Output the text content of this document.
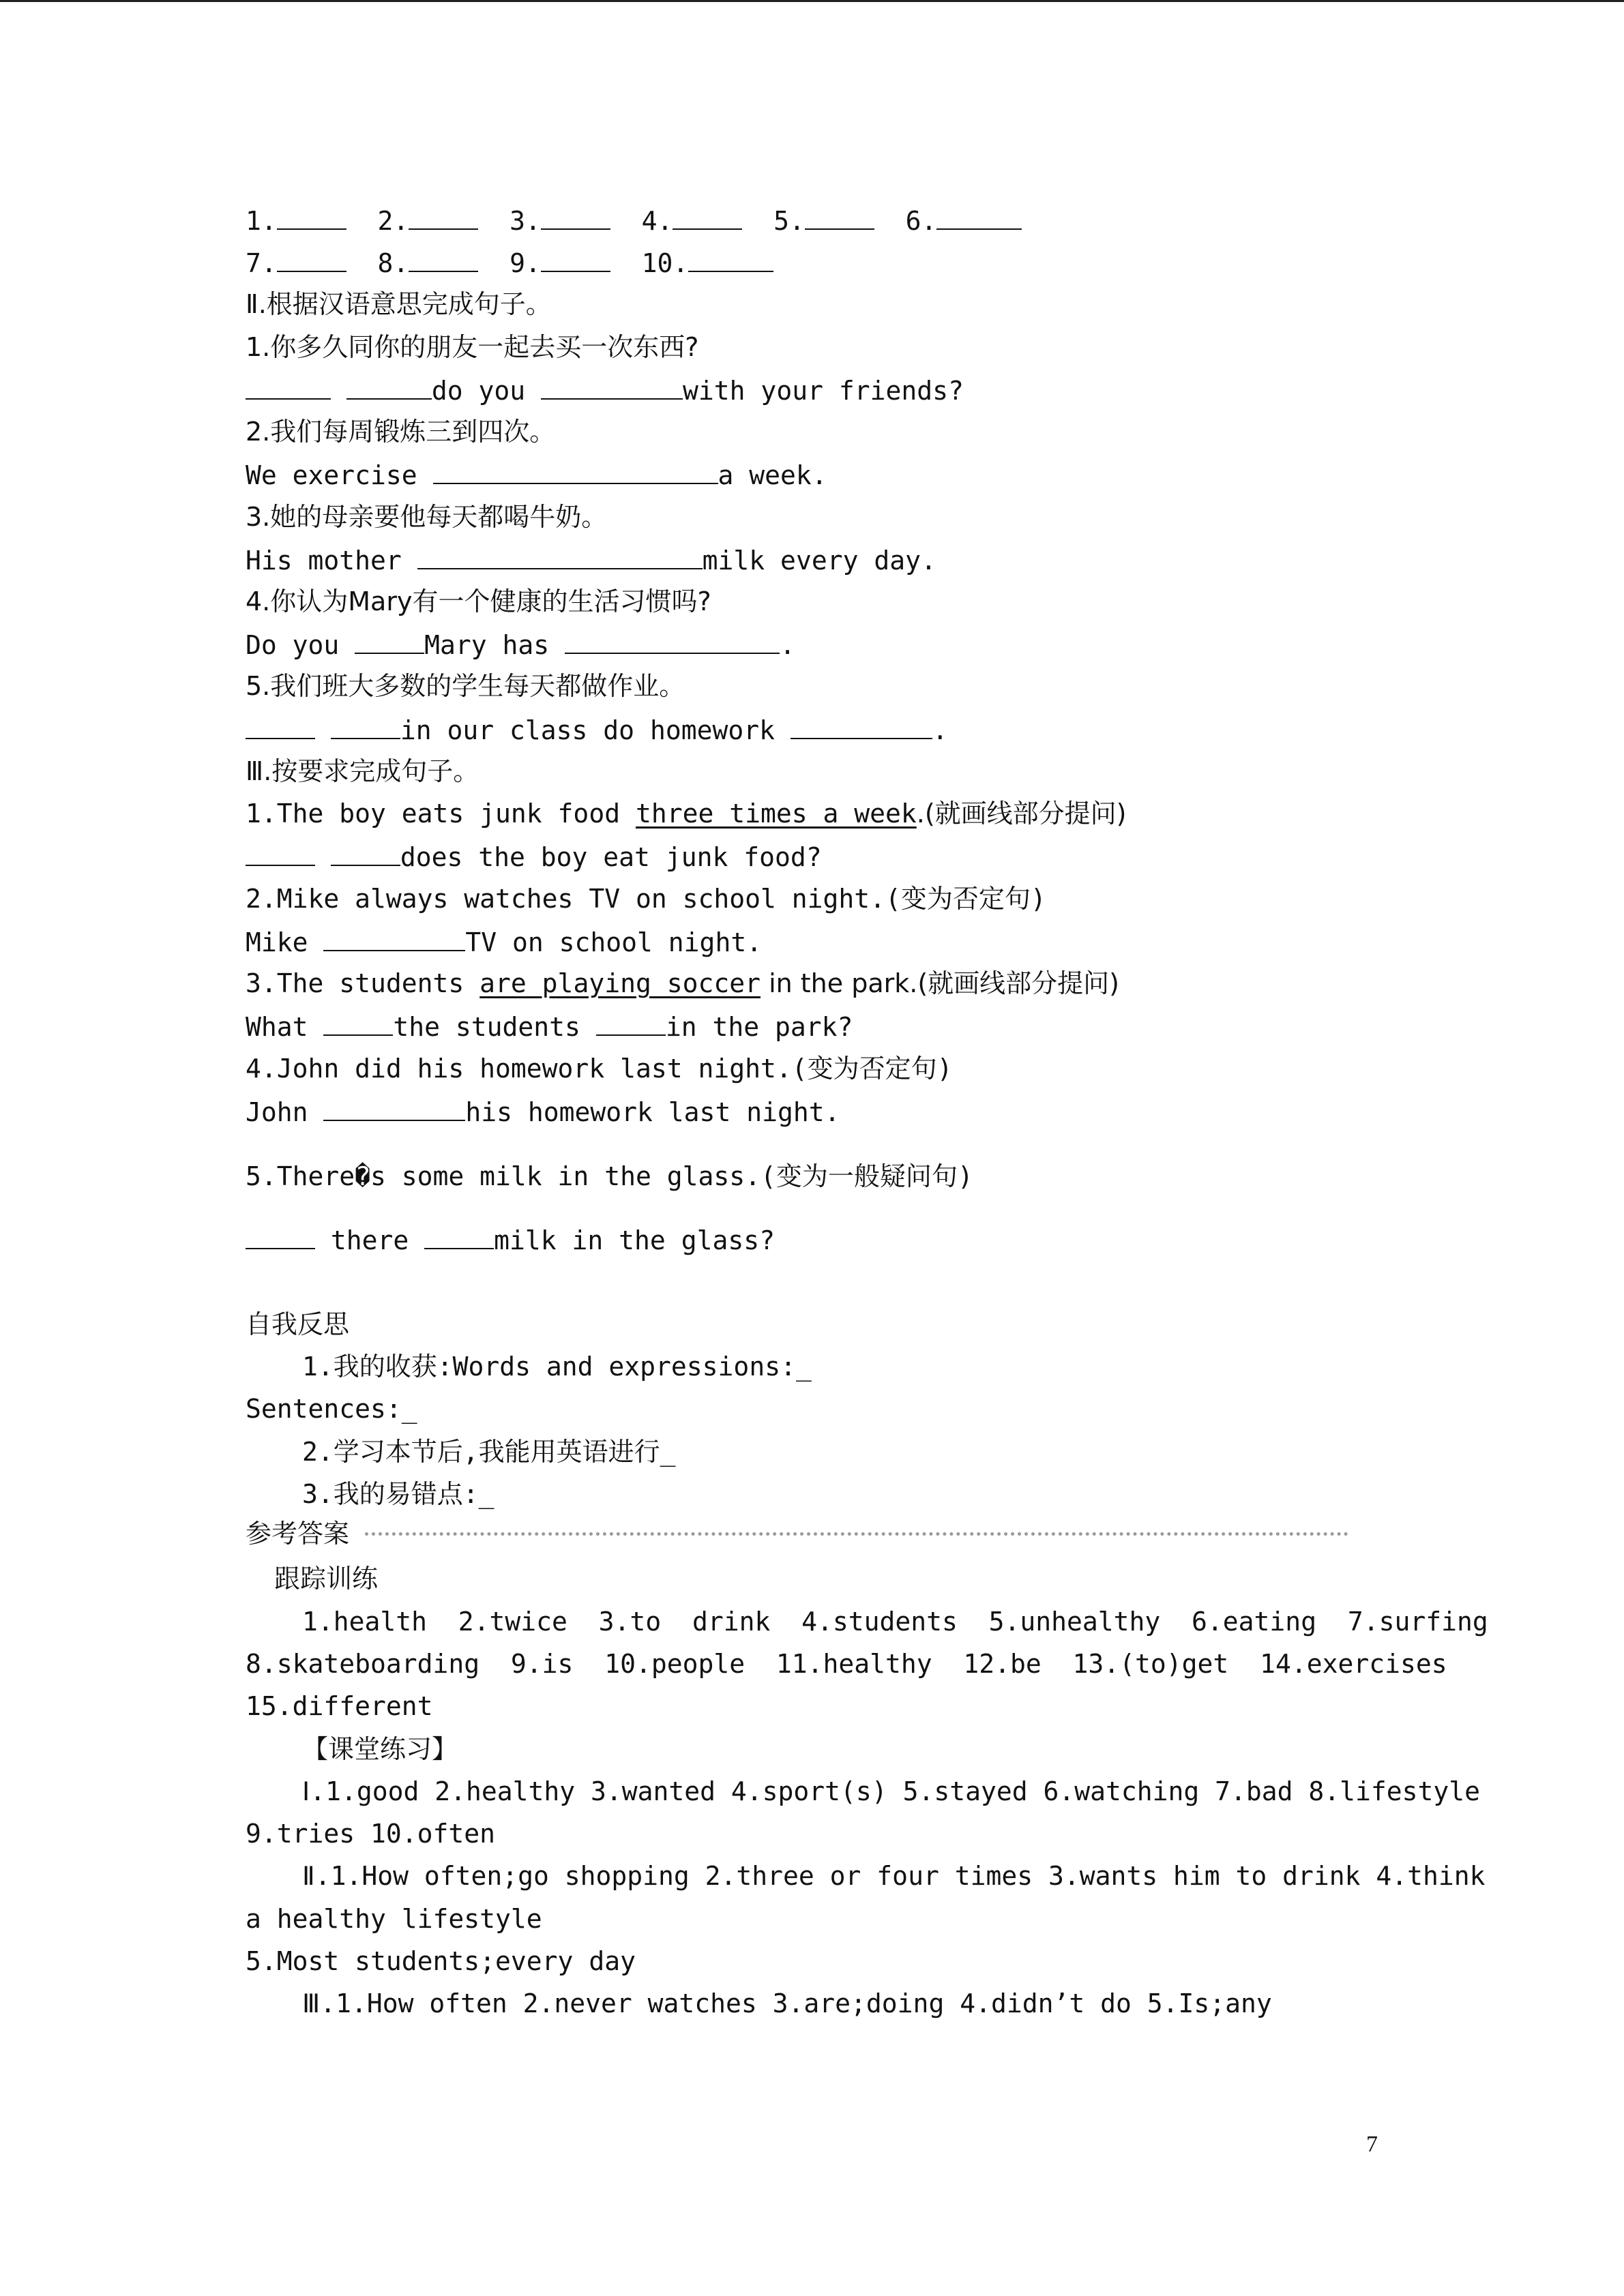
1.	2.	3.	4.	5.	6.
7.	8.	9.	10.
Ⅱ.根据汉语意思完成句子。
1.你多久同你的朋友一起去买一次东西?
do you	with your friends?
2.我们每周锻炼三到四次。
We exercise	a week.
3.她的母亲要他每天都喝牛奶。
His mother	milk every day.
4.你认为Mary有一个健康的生活习惯吗?
Do you	Mary has	.
5.我们班大多数的学生每天都做作业。
in our class do homework	.
Ⅲ.按要求完成句子。
1.The boy eats junk food three times a week.(就画线部分提问)
does the boy eat junk food?
2.Mike always watches TV on school night.(变为否定句)
Mike	TV on school night.
3.The students are playing soccer in the park.(就画线部分提问)
What	the students	in the park?
4.John did his homework last night.(变为否定句)
John	his homework last night.
5.There�s some milk in the glass.(变为一般疑问句)
there	milk in the glass?
自我反思
1.我的收获:Words and expressions:_
Sentences:_
2.学习本节后,我能用英语进行_
3.我的易错点:_
参考答案
跟踪训练
1.health  2.twice  3.to  drink  4.students  5.unhealthy  6.eating  7.surfing
8.skateboarding  9.is  10.people  11.healthy  12.be  13.(to)get  14.exercises
15.different
【课堂练习】
Ⅰ.1.good 2.healthy 3.wanted 4.sport(s) 5.stayed 6.watching 7.bad 8.lifestyle
9.tries 10.often
Ⅱ.1.How often;go shopping 2.three or four times 3.wants him to drink 4.think
a healthy lifestyle
5.Most students;every day
Ⅲ.1.How often 2.never watches 3.are;doing 4.didn’t do 5.Is;any
7
